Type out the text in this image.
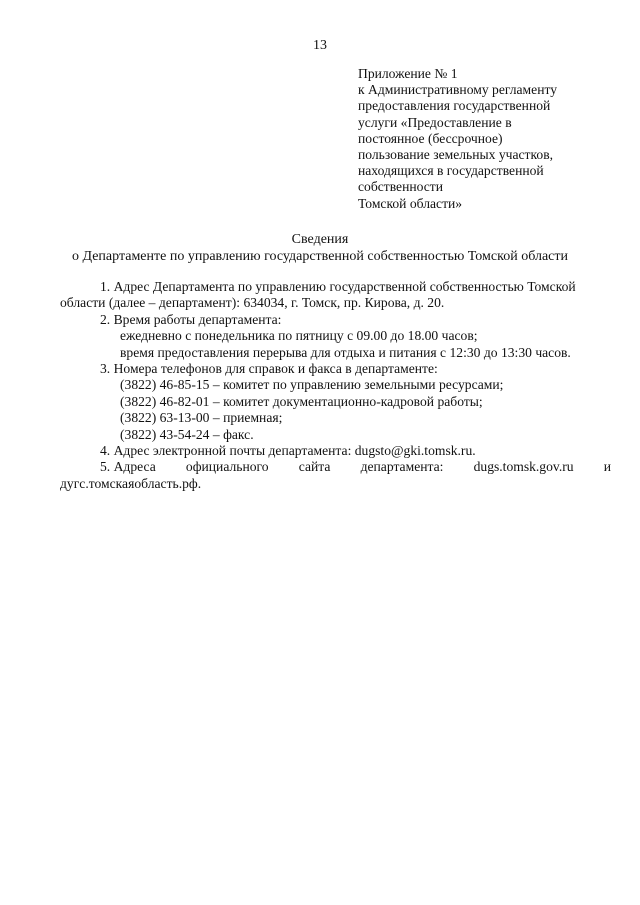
13
Приложение № 1
к Административному регламенту
предоставления государственной
услуги «Предоставление в
постоянное (бессрочное)
пользование земельных участков,
находящихся в государственной
собственности
Томской области»
Сведения
о Департаменте по управлению государственной собственностью Томской области
1. Адрес Департамента по управлению государственной собственностью Томской
области (далее – департамент): 634034, г. Томск, пр. Кирова, д. 20.
2. Время работы департамента:
ежедневно с понедельника по пятницу с 09.00 до 18.00 часов;
время предоставления перерыва для отдыха и питания с 12:30 до 13:30 часов.
3. Номера телефонов для справок и факса в департаменте:
(3822) 46-85-15 – комитет по управлению земельными ресурсами;
(3822) 46-82-01 – комитет документационно-кадровой работы;
(3822) 63-13-00 – приемная;
(3822) 43-54-24 – факс.
4. Адрес электронной почты департамента: dugsto@gki.tomsk.ru.
5. Адреса официального сайта департамента: dugs.tomsk.gov.ru и
дугс.томскаяобласть.рф.
